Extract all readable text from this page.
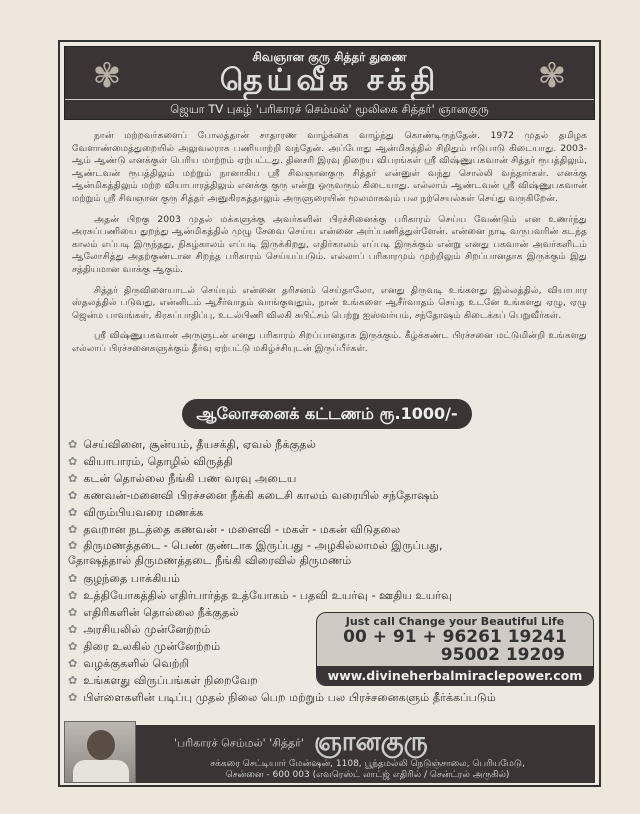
✾	✾
சிவஞான குரு சித்தர் துணை
தெய்வீக சக்தி
ஜெயா TV புகழ் 'பரிகாரச் செம்மல்' மூலிகை சித்தர்' ஞானகுரு

நான் மற்றவர்களைப் போலத்தான் சாதாரண வாழ்க்கை வாழ்ந்து கொண்டிருந்தேன். 1972 முதல் தமிழக வேளாண்மைத்துறையில் அலுவலராக பணியாற்றி வந்தேன். அப்போது ஆன்மிகத்தில் சிறிதும் ஈடுபாடு கிடையாது. 2003-ஆம் ஆண்டு எனக்குள் பெரிய மாற்றம் ஏற்பட்டது. தினசரி இரவு நிறைய விபரங்கள் ஸ்ரீ விஷ்ணுபகவான் சித்தர் ரூபத்திலும், ஆண்டவன் ரூபத்திலும் மற்றும் நானாகிய ஸ்ரீ சிவஞானகுரு சித்தர் என்னுள் வந்து சொல்லி வந்தார்கள். எனக்கு ஆன்மிகத்திலும் மற்ற வியாபாரத்திலும் எனக்கு குரு என்று ஒருவரும் கிடையாது. எல்லாம் ஆண்டவன் ஸ்ரீ விஷ்ணுபகவான் மற்றும் ஸ்ரீ சிவஞான குரு சித்தர் அனுகிரகத்தாலும் அருளுரையின் மூலமாகவும் பல நற்செயல்கள் செய்து வருகிறேன்.

அதன் பிறகு 2003 முதல் மக்களுக்கு அவர்களின் பிரச்சினைக்கு பரிகாரம் செய்ய வேண்டும் என உணர்ந்து அரசுப்பணியை துறந்து ஆன்மிகத்தில் முழு சேவை செய்ய என்னை அர்ப்பணித்துள்ளேன். என்னை நாடி வருபவரின் கடந்த காலம் எப்படி இருந்தது, நிகழ்காலம் எப்படி இருக்கிறது, எதிர்காலம் எப்படி இருக்கும் என்று எனது பகவான் அவர்களிடம் ஆலோசித்து அதற்குண்டான சிறந்த பரிகாரம் செய்யப்படும். எல்லாப் பரிகாரமும் முற்றிலும் சிறப்பானதாக இருக்கும் இது சத்தியமான வாக்கு ஆகும்.

சித்தர் திருவிளையாடல் செய்யும் என்னை தரிசனம் செய்தாலோ, எனது திருவடி உங்களது இல்லத்தில், வியாபார ஸ்தலத்தில் படுவது, என்னிடம் ஆசீர்வாதம் வாங்குவதும், நான் உங்களை ஆசீர்வாதம் செய்த உடனே உங்களது ஏழு, ஏழு ஜென்ம பாவங்கள், கிரகப்பாதிப்பு, உடல்பிணி விலகி சுபிட்சம் பெற்று ஐஸ்வர்யம், சந்தோஷம் கிடைக்கப் பெறுவீர்கள்.

ஸ்ரீ விஷ்ணுபகவான் அருளுடன் எனது பரிகாரம் சிறப்பானதாக இருக்கும். கீழ்க்கண்ட பிரச்சனை மட்டுமின்றி உங்களது எல்லாப் பிரச்சனைகளுக்கும் தீர்வு ஏற்பட்டு மகிழ்ச்சியுடன் இருப்பீர்கள்.

ஆலோசனைக் கட்டணம் ரூ.1000/-
✿ செய்வினை, சூன்யம், தீயசக்தி, ஏவல் நீக்குதல்
✿ வியாபாரம், தொழில் விருத்தி
✿ கடன் தொல்லை நீங்கி பண வரவு அடைய
✿ கணவன்-மனைவி பிரச்சனை நீக்கி கடைசி காலம் வரையில் சந்தோஷம்
✿ விரும்பியவரை மணக்க
✿ தவறான நடத்தை கணவன் - மனைவி - மகள் - மகன் விடுதலை
✿ திருமணத்தடை - பெண் குண்டாக இருப்பது - அழகில்லாமல் இருப்பது, தோஷத்தால் திருமணத்தடை நீங்கி விரைவில் திருமணம்
✿ குழந்தை பாக்கியம்
✿ உத்தியோகத்தில் எதிர்பார்த்த உத்யோகம் - பதவி உயர்வு - ஊதிய உயர்வு
✿ எதிரிகளின் தொல்லை நீக்குதல்
✿ அரசியலில் முன்னேற்றம்
✿ திரை உலகில் முன்னேற்றம்
✿ வழக்குகளில் வெற்றி
✿ உங்களது விருப்பங்கள் நிறைவேற
✿ பிள்ளைகளின் படிப்பு முதல் நிலை பெற மற்றும் பல பிரச்சனைகளும் தீர்க்கப்படும்
Just call Change your Beautiful Life
00 + 91 + 96261 19241
95002 19209
www.divineherbalmiraclepower.com
'பரிகாரச் செம்மல்' 'சித்தர்' ஞானகுரு
சக்கரை செட்டியார் மேன்ஷன், 1108, பூந்தமல்லி நெடுஞ்சாலை, பெரியமேடு,
சென்னை - 600 003 (எவரெஸ்ட் லாட்ஜ் எதிரில் / சென்ட்ரல் அருகில்)
